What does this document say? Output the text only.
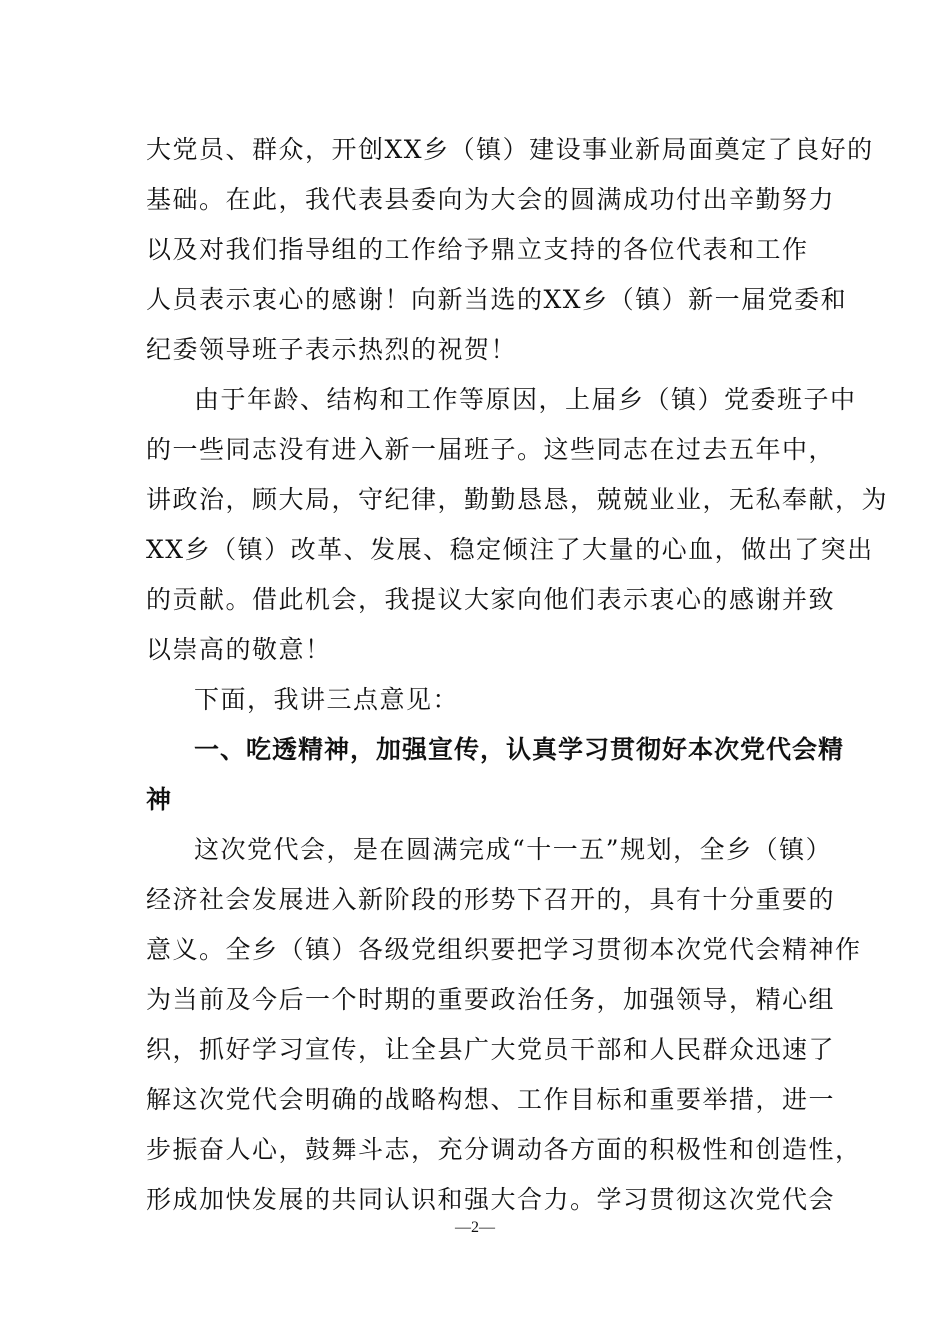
大党员、群众，开创XX乡（镇）建设事业新局面奠定了良好的
基础。在此，我代表县委向为大会的圆满成功付出辛勤努力
以及对我们指导组的工作给予鼎立支持的各位代表和工作
人员表示衷心的感谢！向新当选的XX乡（镇）新一届党委和
纪委领导班子表示热烈的祝贺！
由于年龄、结构和工作等原因，上届乡（镇）党委班子中
的一些同志没有进入新一届班子。这些同志在过去五年中，
讲政治，顾大局，守纪律，勤勤恳恳，兢兢业业，无私奉献，为
XX乡（镇）改革、发展、稳定倾注了大量的心血，做出了突出
的贡献。借此机会，我提议大家向他们表示衷心的感谢并致
以崇高的敬意！
下面，我讲三点意见：
一、吃透精神，加强宣传，认真学习贯彻好本次党代会精
神
这次党代会，是在圆满完成“十一五”规划，全乡（镇）
经济社会发展进入新阶段的形势下召开的，具有十分重要的
意义。全乡（镇）各级党组织要把学习贯彻本次党代会精神作
为当前及今后一个时期的重要政治任务，加强领导，精心组
织，抓好学习宣传，让全县广大党员干部和人民群众迅速了
解这次党代会明确的战略构想、工作目标和重要举措，进一
步振奋人心，鼓舞斗志，充分调动各方面的积极性和创造性，
形成加快发展的共同认识和强大合力。学习贯彻这次党代会
—2—
